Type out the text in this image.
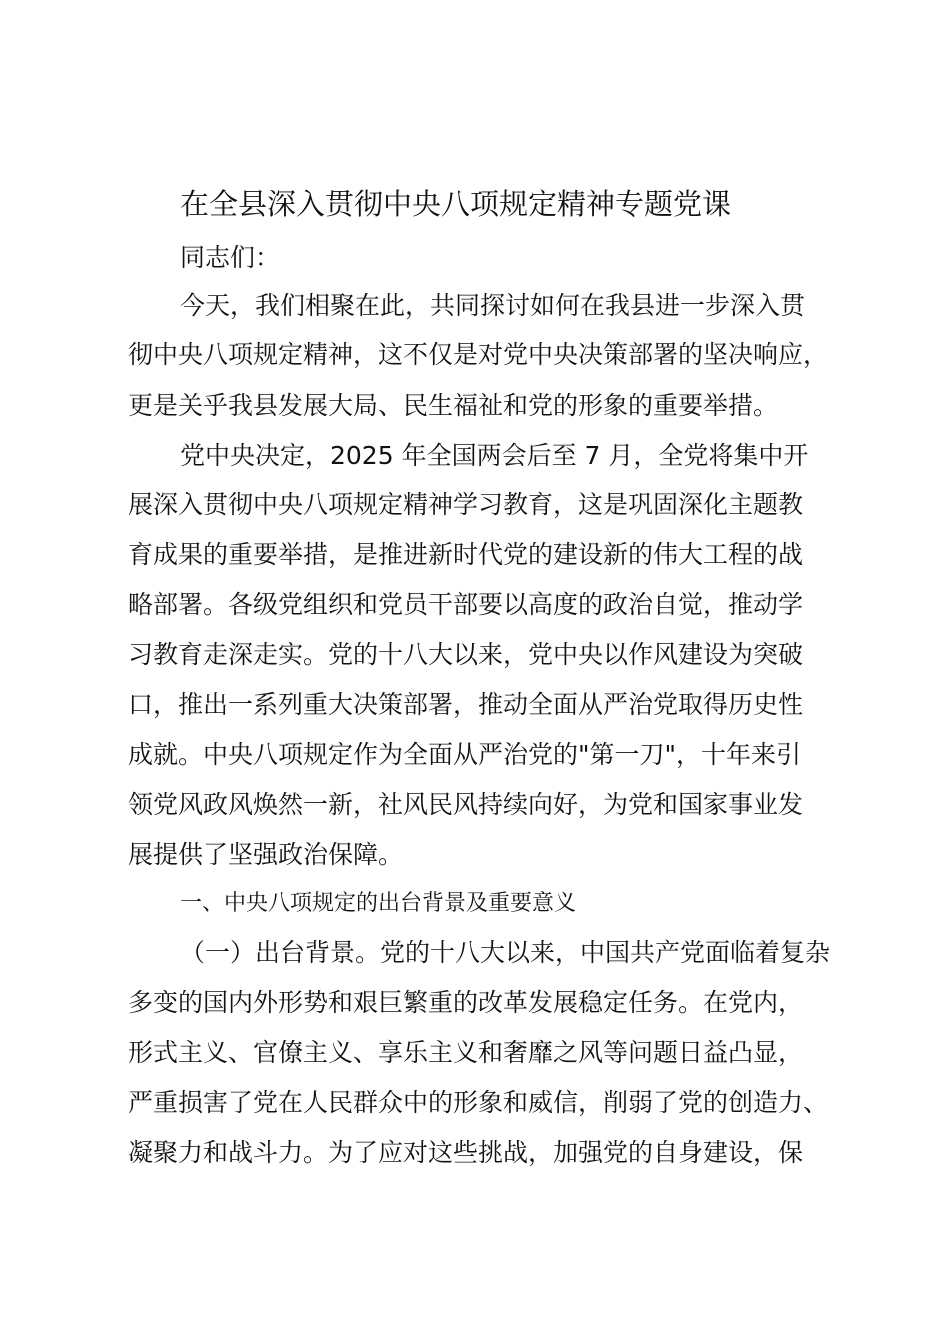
在全县深入贯彻中央八项规定精神专题党课
同志们：
今天，我们相聚在此，共同探讨如何在我县进一步深入贯
彻中央八项规定精神，这不仅是对党中央决策部署的坚决响应，
更是关乎我县发展大局、民生福祉和党的形象的重要举措。
党中央决定，2025 年全国两会后至 7 月，全党将集中开
展深入贯彻中央八项规定精神学习教育，这是巩固深化主题教
育成果的重要举措，是推进新时代党的建设新的伟大工程的战
略部署。各级党组织和党员干部要以高度的政治自觉，推动学
习教育走深走实。党的十八大以来，党中央以作风建设为突破
口，推出一系列重大决策部署，推动全面从严治党取得历史性
成就。中央八项规定作为全面从严治党的"第一刀"，十年来引
领党风政风焕然一新，社风民风持续向好，为党和国家事业发
展提供了坚强政治保障。
一、中央八项规定的出台背景及重要意义
（一）出台背景。党的十八大以来，中国共产党面临着复杂
多变的国内外形势和艰巨繁重的改革发展稳定任务。在党内，
形式主义、官僚主义、享乐主义和奢靡之风等问题日益凸显，
严重损害了党在人民群众中的形象和威信，削弱了党的创造力、
凝聚力和战斗力。为了应对这些挑战，加强党的自身建设，保
